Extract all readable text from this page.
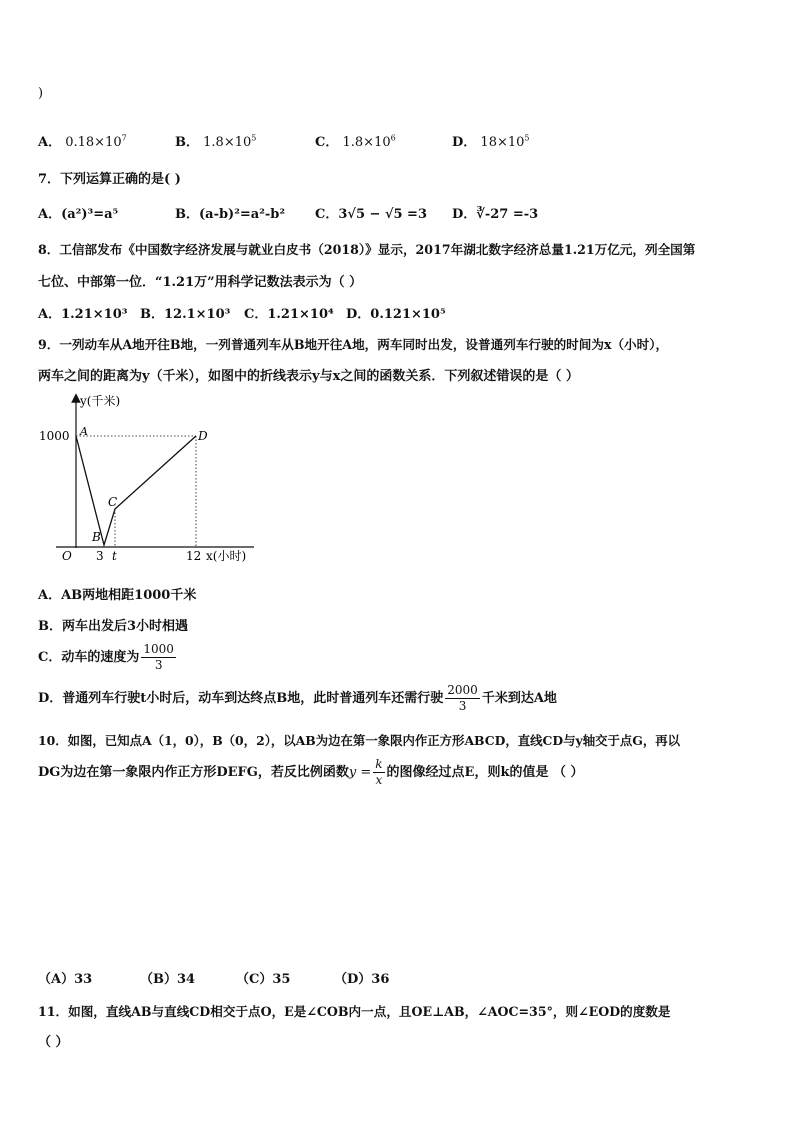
)
A． $0.18\times 10^7$	B． $1.8\times 10^5$	C． $1.8\times 10^6$	D． $18\times 10^5$
7．下列运算正确的是( )
A．(a²)³=a⁵	B．(a-b)²=a²-b² C．3√5 − √5 =3 D．∛-27 =-3
8．工信部发布《中国数字经济发展与就业白皮书（2018）》显示，2017年湖北数字经济总量1.21万亿元，列全国第
七位、中部第一位．“1.21万”用科学记数法表示为（ ）
A．1.21×10³ B．12.1×10³ C．1.21×10⁴ D．0.121×10⁵
9．一列动车从A地开往B地，一列普通列车从B地开往A地，两车同时出发，设普通列车行驶的时间为x（小时），
两车之间的距离为y（千米），如图中的折线表示y与x之间的函数关系．下列叙述错误的是（ ）
y(千米)
1000 A
B
C
D
O 3 t	12 x(小时)
A．AB两地相距1000千米
B．两车出发后3小时相遇
C．动车的速度为 $\frac{1000}{3}$
D．普通列车行驶t小时后，动车到达终点B地，此时普通列车还需行驶 $\frac{2000}{3}$ 千米到达A地
10．如图，已知点A（1，0），B（0，2），以AB为边在第一象限内作正方形ABCD，直线CD与y轴交于点G，再以
DG为边在第一象限内作正方形DEFG，若反比例函数$y = \frac{k}{x}$ 的图像经过点E，则k的值是 （ ）
（A）33	（B）34	（C）35	（D）36
11．如图，直线AB与直线CD相交于点O，E是∠COB内一点，且OE⊥AB，∠AOC=35°，则∠EOD的度数是
（ ）
